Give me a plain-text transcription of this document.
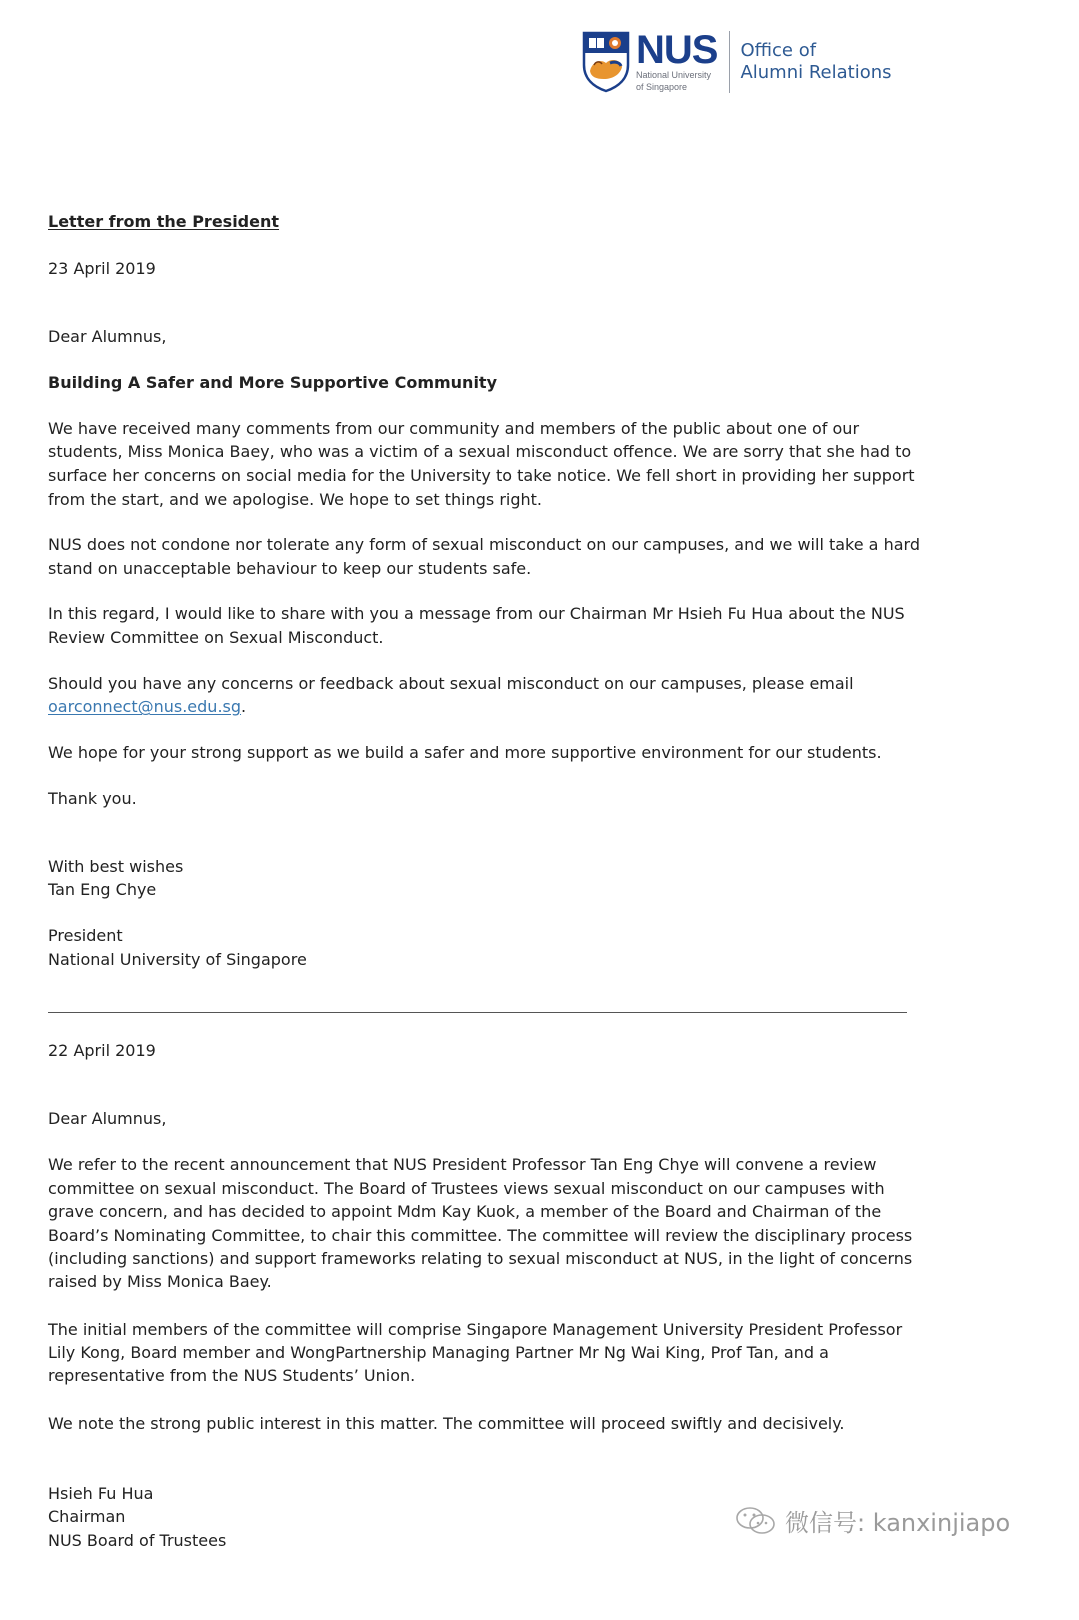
NUS
National University
of Singapore
Office of
Alumni Relations
Letter from the President
23 April 2019
Dear Alumnus,
Building A Safer and More Supportive Community
We have received many comments from our community and members of the public about one of our
students, Miss Monica Baey, who was a victim of a sexual misconduct offence. We are sorry that she had to
surface her concerns on social media for the University to take notice. We fell short in providing her support
from the start, and we apologise. We hope to set things right.
NUS does not condone nor tolerate any form of sexual misconduct on our campuses, and we will take a hard
stand on unacceptable behaviour to keep our students safe.
In this regard, I would like to share with you a message from our Chairman Mr Hsieh Fu Hua about the NUS
Review Committee on Sexual Misconduct.
Should you have any concerns or feedback about sexual misconduct on our campuses, please email
oarconnect@nus.edu.sg.
We hope for your strong support as we build a safer and more supportive environment for our students.
Thank you.
With best wishes
Tan Eng Chye
President
National University of Singapore
22 April 2019
Dear Alumnus,
We refer to the recent announcement that NUS President Professor Tan Eng Chye will convene a review
committee on sexual misconduct. The Board of Trustees views sexual misconduct on our campuses with
grave concern, and has decided to appoint Mdm Kay Kuok, a member of the Board and Chairman of the
Board’s Nominating Committee, to chair this committee. The committee will review the disciplinary process
(including sanctions) and support frameworks relating to sexual misconduct at NUS, in the light of concerns
raised by Miss Monica Baey.
The initial members of the committee will comprise Singapore Management University President Professor
Lily Kong, Board member and WongPartnership Managing Partner Mr Ng Wai King, Prof Tan, and a
representative from the NUS Students’ Union.
We note the strong public interest in this matter. The committee will proceed swiftly and decisively.
Hsieh Fu Hua
Chairman
NUS Board of Trustees
微信号: kanxinjiapo
